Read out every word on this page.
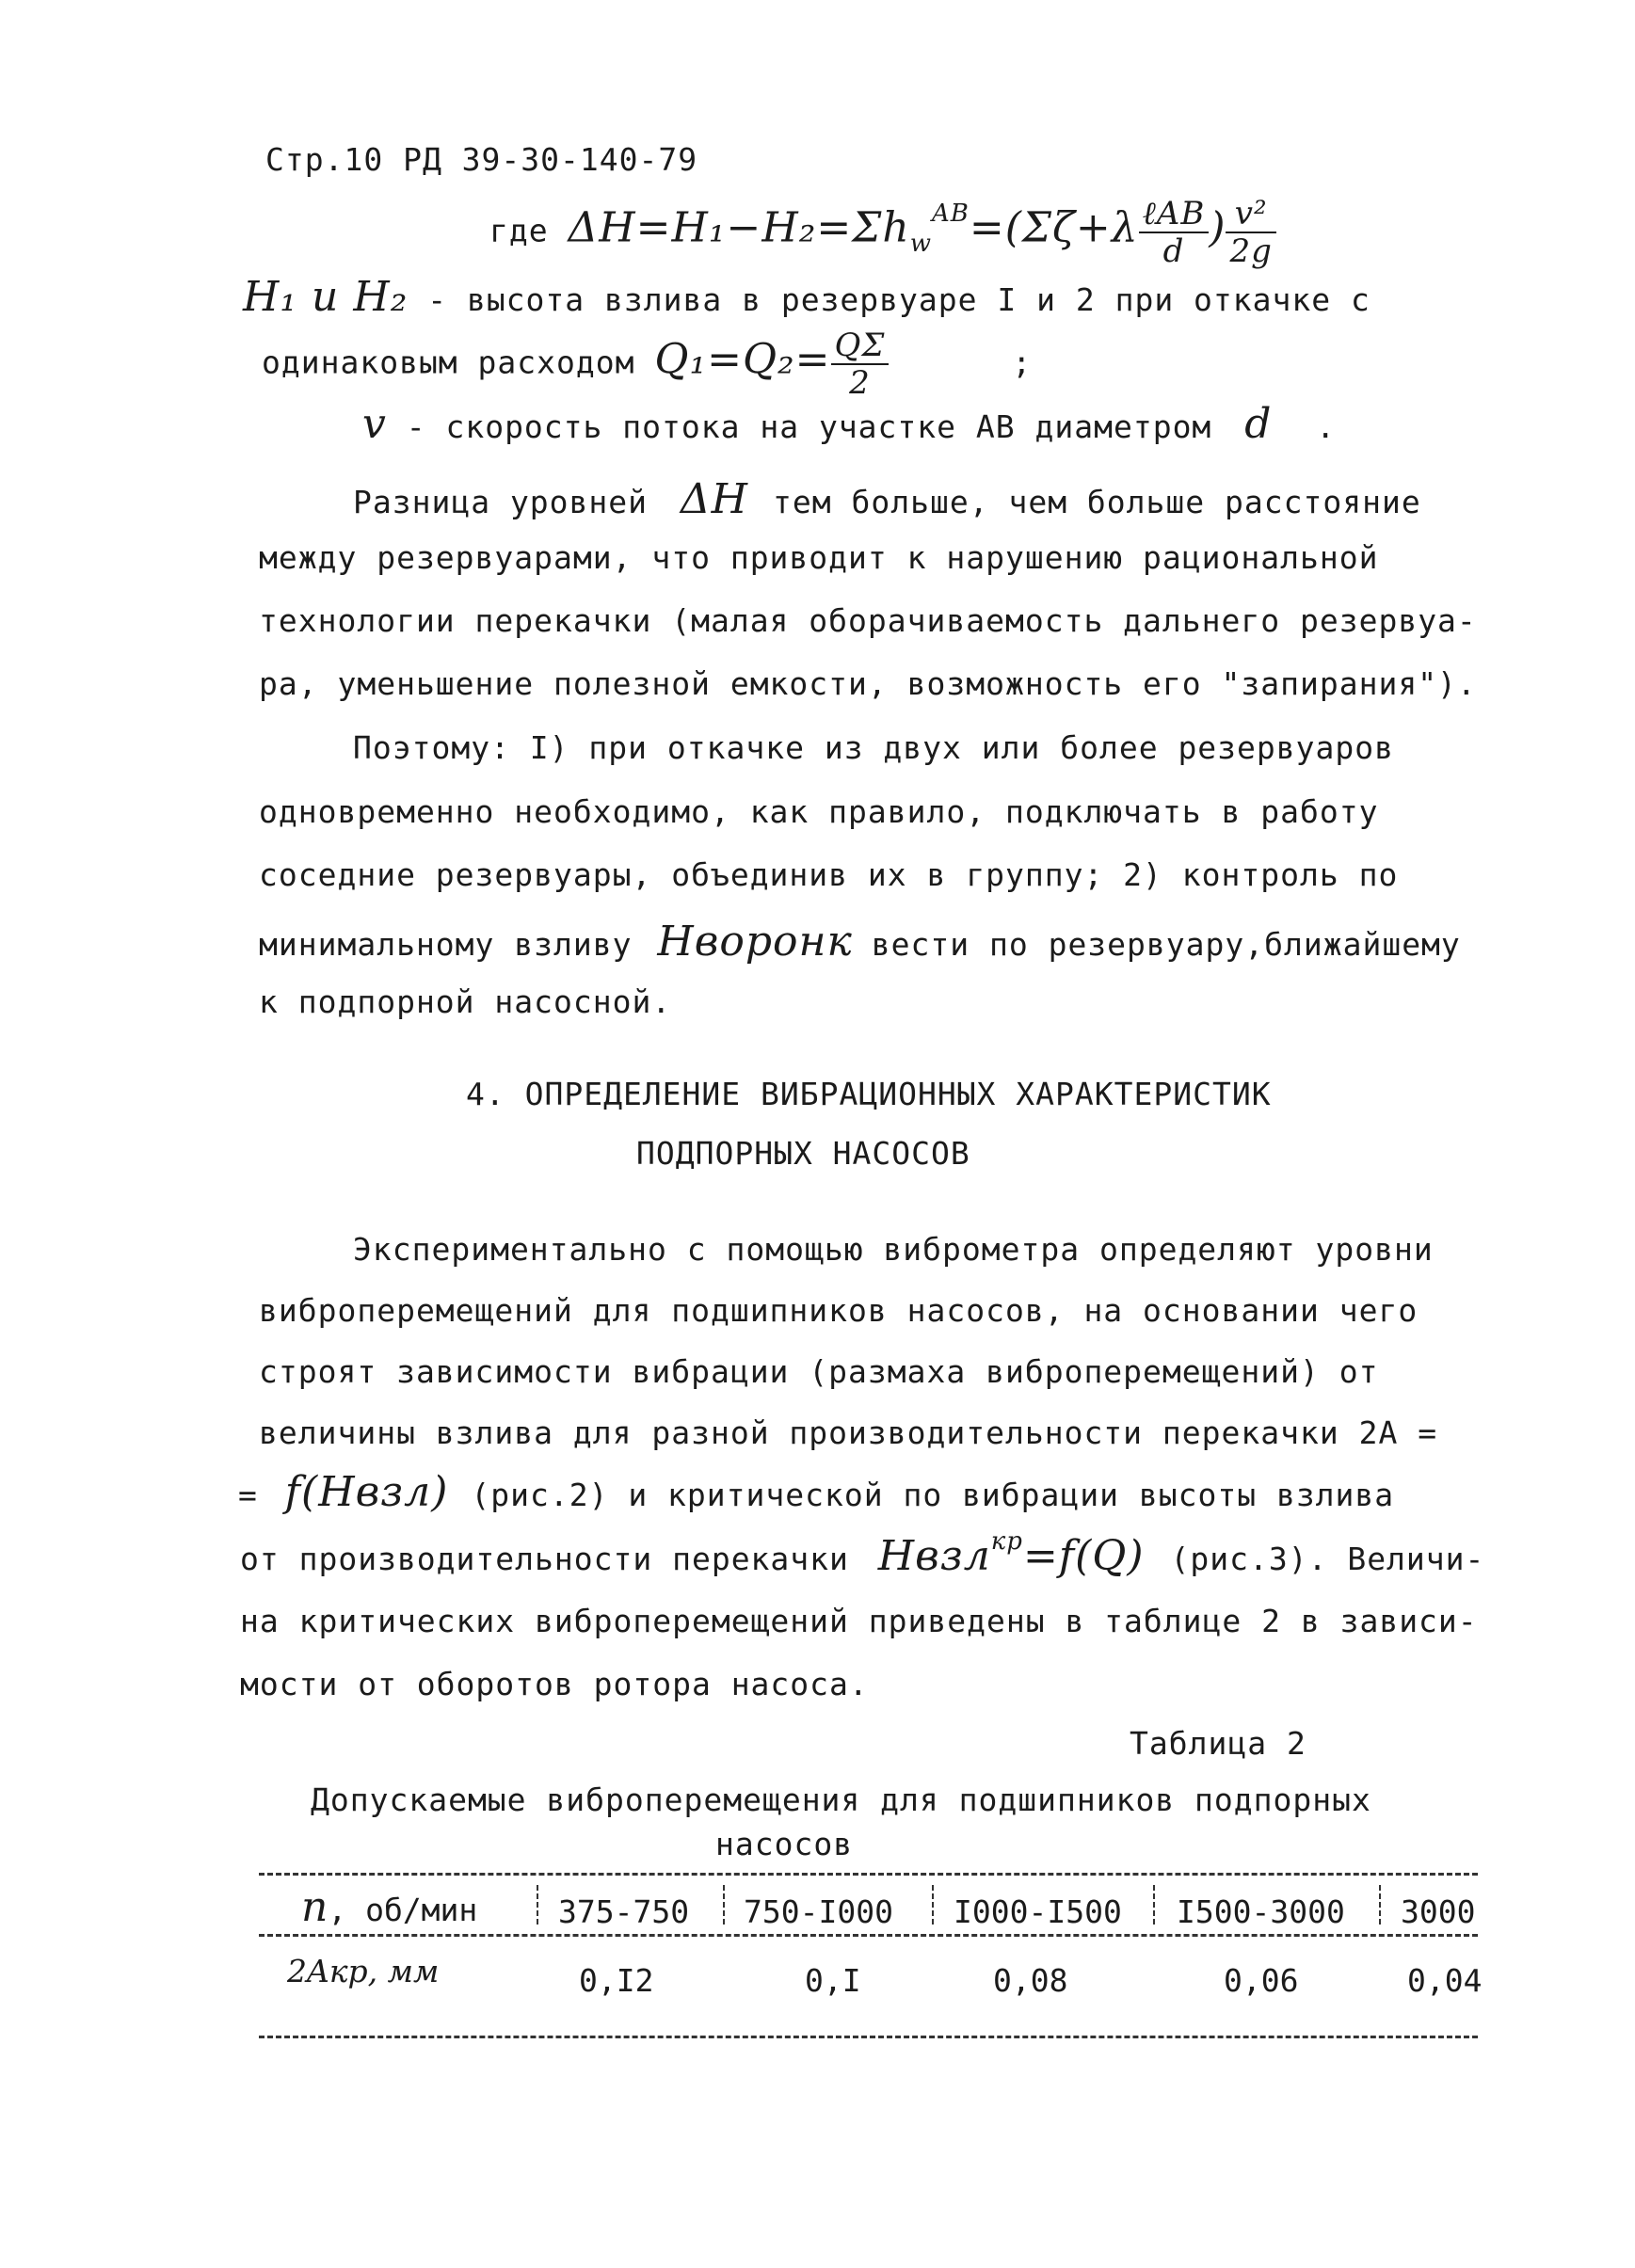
Стр.10 РД 39-30-140-79
где $\Delta H=H_1-H_2=\Sigma h_w^{AB}=(\Sigma\zeta+\lambda \frac{\text{ℓAB}}{d}$ ) $\frac{\text{v²}}{2g}$
H₁ и H₂ - высота взлива в резервуаре I и 2 при откачке с
одинаковым расходом $Q_1=Q_2= \frac{Q\Sigma}{2}$	;
v - скорость потока на участке АВ диаметром d .
Разница уровней ΔH тем больше, чем больше расстояние
между резервуарами, что приводит к нарушению рациональной
технологии перекачки (малая оборачиваемость дальнего резервуа-
ра, уменьшение полезной емкости, возможность его "запирания").
Поэтому: I) при откачке из двух или более резервуаров
одновременно необходимо, как правило, подключать в работу
соседние резервуары, объединив их в группу; 2) контроль по
минимальному взливу Hворонк вести по резервуару,ближайшему
к подпорной насосной.
4. ОПРЕДЕЛЕНИЕ ВИБРАЦИОННЫХ ХАРАКТЕРИСТИК
ПОДПОРНЫХ НАСОСОВ
Экспериментально с помощью виброметра определяют уровни
виброперемещений для подшипников насосов, на основании чего
строят зависимости вибрации (размаха виброперемещений) от
величины взлива для разной производительности перекачки 2А =
= f(Hвзл) (рис.2) и критической по вибрации высоты взлива
от производительности перекачки Hвзл$^{кр}$=f(Q) (рис.3). Величи-
на критических виброперемещений приведены в таблице 2 в зависи-
мости от оборотов ротора насоса.
Таблица 2
Допускаемые виброперемещения для подшипников подпорных
насосов
n, об/мин	375-750 750-I000 I000-I500 I500-3000 3000
2Aкр, мм	0,I2	0,I	0,08	0,06	0,04
